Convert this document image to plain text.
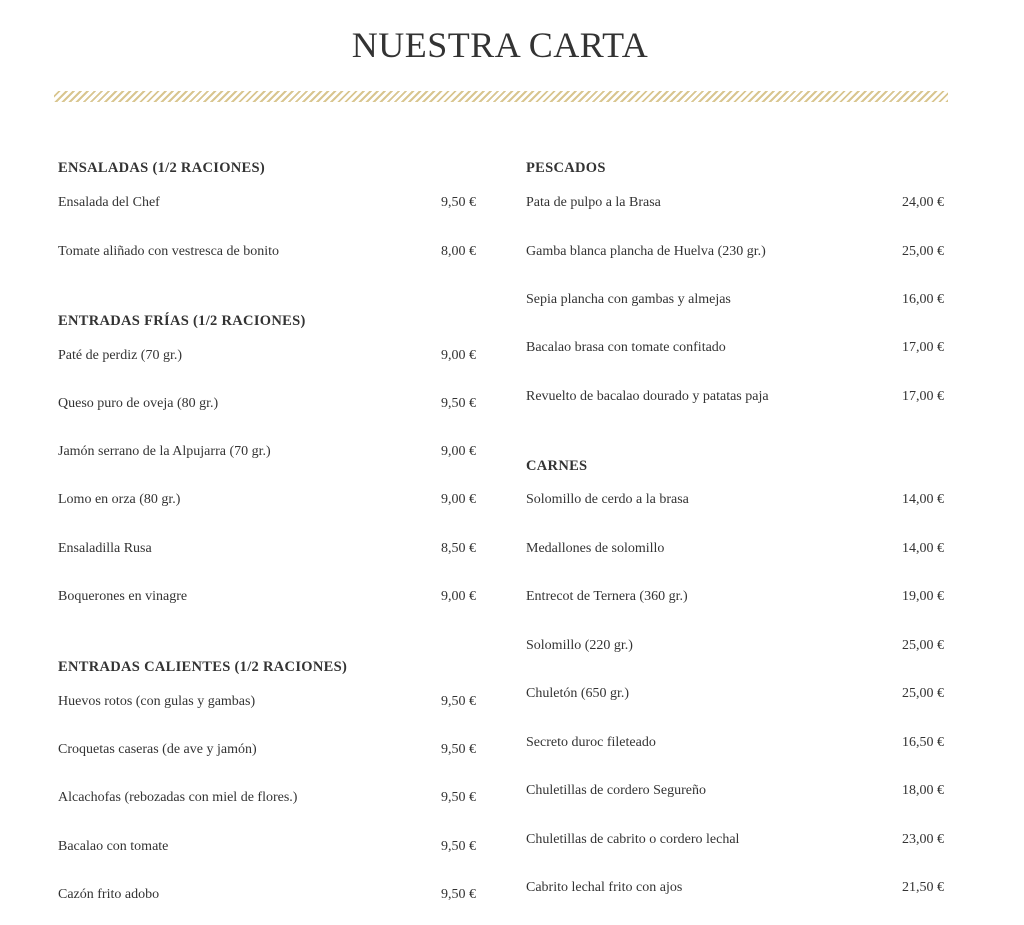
NUESTRA CARTA
ENSALADAS (1/2 RACIONES)
Ensalada del Chef	9,50 €
Tomate aliñado con vestresca de bonito	8,00 €
ENTRADAS FRÍAS (1/2 RACIONES)
Paté de perdiz (70 gr.)	9,00 €
Queso puro de oveja (80 gr.)	9,50 €
Jamón serrano de la Alpujarra (70 gr.)	9,00 €
Lomo en orza (80 gr.)	9,00 €
Ensaladilla Rusa	8,50 €
Boquerones en vinagre	9,00 €
ENTRADAS CALIENTES (1/2 RACIONES)
Huevos rotos (con gulas y gambas)	9,50 €
Croquetas caseras (de ave y jamón)	9,50 €
Alcachofas (rebozadas con miel de flores.)	9,50 €
Bacalao con tomate	9,50 €
Cazón frito adobo	9,50 €
PESCADOS
Pata de pulpo a la Brasa	24,00 €
Gamba blanca plancha de Huelva (230 gr.)	25,00 €
Sepia plancha con gambas y almejas	16,00 €
Bacalao brasa con tomate confitado	17,00 €
Revuelto de bacalao dourado y patatas paja	17,00 €
CARNES
Solomillo de cerdo a la brasa	14,00 €
Medallones de solomillo	14,00 €
Entrecot de Ternera (360 gr.)	19,00 €
Solomillo (220 gr.)	25,00 €
Chuletón (650 gr.)	25,00 €
Secreto duroc fileteado	16,50 €
Chuletillas de cordero Segureño	18,00 €
Chuletillas de cabrito o cordero lechal	23,00 €
Cabrito lechal frito con ajos	21,50 €
